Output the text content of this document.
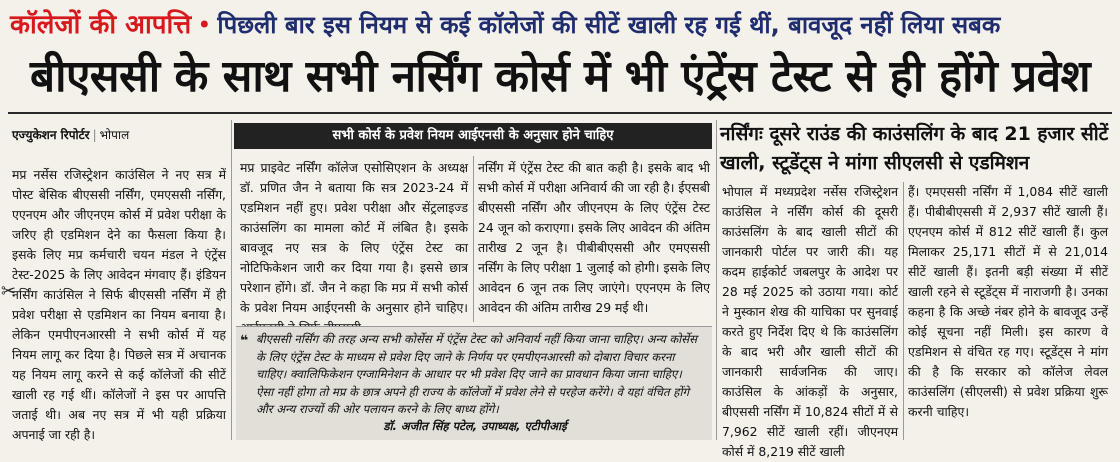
कॉलेजों की आपत्ति • पिछली बार इस नियम से कई कॉलेजों की सीटें खाली रह गई थीं, बावजूद नहीं लिया सबक
बीएससी के साथ सभी नर्सिंग कोर्स में भी एंट्रेंस टेस्ट से ही होंगे प्रवेश
एज्युकेशन रिपोर्टर | भोपाल
मप्र नर्सेस रजिस्ट्रेशन काउंसिल ने नए सत्र में पोस्ट बेसिक बीएससी नर्सिंग, एमएससी नर्सिंग, एएनएम और जीएनएम कोर्स में प्रवेश परीक्षा के जरिए ही एडमिशन देने का फैसला किया है। इसके लिए मप्र कर्मचारी चयन मंडल ने एंट्रेंस टेस्ट-2025 के लिए आवेदन मंगवाए हैं। इंडियन नर्सिंग काउंसिल ने सिर्फ बीएससी नर्सिंग में ही प्रवेश परीक्षा से एडमिशन का नियम बनाया है। लेकिन एमपीएनआरसी ने सभी कोर्स में यह नियम लागू कर दिया है। पिछले सत्र में अचानक यह नियम लागू करने से कई कॉलेजों की सीटें खाली रह गई थीं। कॉलेजों ने इस पर आपत्ति जताई थी। अब नए सत्र में भी यही प्रक्रिया अपनाई जा रही है।
✂
सभी कोर्स के प्रवेश नियम आईएनसी के अनुसार होने चाहिए
मप्र प्राइवेट नर्सिंग कॉलेज एसोसिएशन के अध्यक्ष डॉ. प्रणित जैन ने बताया कि सत्र 2023-24 में एडमिशन नहीं हुए। प्रवेश परीक्षा और सेंट्रलाइज्ड काउंसलिंग का मामला कोर्ट में लंबित है। इसके बावजूद नए सत्र के लिए एंट्रेंस टेस्ट का नोटिफिकेशन जारी कर दिया गया है। इससे छात्र परेशान होंगे। डॉ. जैन ने कहा कि मप्र में सभी कोर्स के प्रवेश नियम आईएनसी के अनुसार होने चाहिए।
नर्सिंग में एंट्रेंस टेस्ट की बात कही है। इसके बाद भी सभी कोर्स में परीक्षा अनिवार्य की जा रही है। ईएसबी बीएससी नर्सिंग और जीएनएम के लिए एंट्रेंस टेस्ट 24 जून को कराएगा। इसके लिए आवेदन की अंतिम तारीख 2 जून है। पीबीबीएससी और एमएससी नर्सिंग के लिए परीक्षा 1 जुलाई को होगी। इसके लिए आवेदन 6 जून तक लिए जाएंगे। एएनएम के लिए आवेदन की अंतिम तारीख 29 मई थी।
❝ बीएससी नर्सिंग की तरह अन्य सभी कोर्सेस में एंट्रेंस टेस्ट को अनिवार्य नहीं किया जाना चाहिए। अन्य कोर्सेस के लिए एंट्रेंस टेस्ट के माध्यम से प्रवेश दिए जाने के निर्णय पर एमपीएनआरसी को दोबारा विचार करना चाहिए। क्वालिफिकेशन एग्जामिनेशन के आधार पर भी प्रवेश दिए जाने का प्रावधान किया जाना चाहिए। ऐसा नहीं होगा तो मप्र के छात्र अपने ही राज्य के कॉलेजों में प्रवेश लेने से परहेज करेंगे। वे यहां वंचित होंगे और अन्य राज्यों की ओर पलायन करने के लिए बाध्य होंगे।
डॉ. अजीत सिंह पटेल, उपाध्यक्ष, एटीपीआई
नर्सिंगः दूसरे राउंड की काउंसलिंग के बाद 21 हजार सीटें खाली, स्टूडेंट्स ने मांगा सीएलसी से एडमिशन
भोपाल में मध्यप्रदेश नर्सेस रजिस्ट्रेशन काउंसिल ने नर्सिंग कोर्स की दूसरी काउंसलिंग के बाद खाली सीटों की जानकारी पोर्टल पर जारी की। यह कदम हाईकोर्ट जबलपुर के आदेश पर 28 मई 2025 को उठाया गया। कोर्ट ने मुस्कान शेख की याचिका पर सुनवाई करते हुए निर्देश दिए थे कि काउंसलिंग के बाद भरी और खाली सीटों की जानकारी सार्वजनिक की जाए। काउंसिल के आंकड़ों के अनुसार, बीएससी नर्सिंग में 10,824 सीटों में से 7,962 सीटें खाली रहीं। जीएनएम कोर्स में 8,219 सीटें खाली
हैं। एमएससी नर्सिंग में 1,084 सीटें खाली हैं। पीबीबीएससी में 2,937 सीटें खाली हैं। एएनएम कोर्स में 812 सीटें खाली हैं। कुल मिलाकर 25,171 सीटों में से 21,014 सीटें खाली हैं। इतनी बड़ी संख्या में सीटें खाली रहने से स्टूडेंट्स में नाराजगी है। उनका कहना है कि अच्छे नंबर होने के बावजूद उन्हें कोई सूचना नहीं मिली। इस कारण वे एडमिशन से वंचित रह गए। स्टूडेंट्स ने मांग की है कि सरकार को कॉलेज लेवल काउंसलिंग (सीएलसी) से प्रवेश प्रक्रिया शुरू करनी चाहिए।
